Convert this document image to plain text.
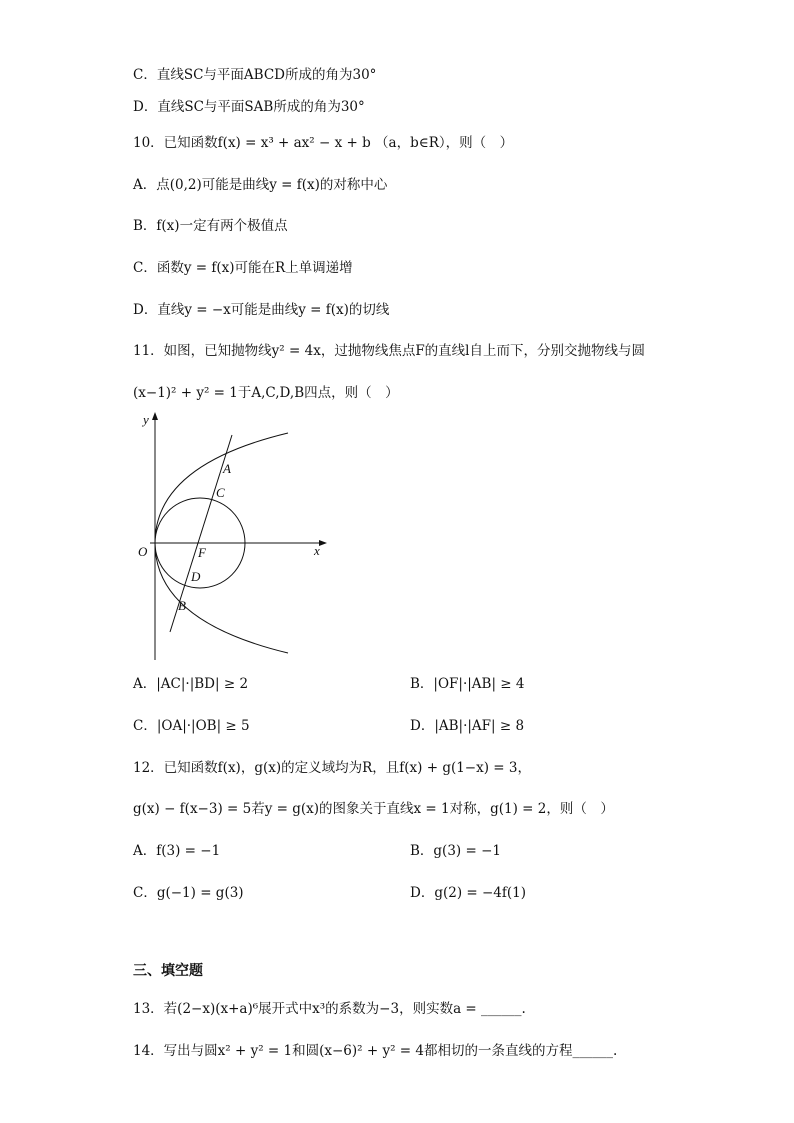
C．直线SC与平面ABCD所成的角为30°
D．直线SC与平面SAB所成的角为30°
10．已知函数f(x) = x³ + ax² − x + b （a，b∈R），则（　）
A．点(0,2)可能是曲线y = f(x)的对称中心
B．f(x)一定有两个极值点
C．函数y = f(x)可能在R上单调递增
D．直线y = −x可能是曲线y = f(x)的切线
11．如图，已知抛物线y² = 4x，过抛物线焦点F的直线l自上而下，分别交抛物线与圆
(x−1)² + y² = 1于A,C,D,B四点，则（　）
y
x
O
A
C
F
D
B
A．|AC|·|BD| ≥ 2	B．|OF|·|AB| ≥ 4
C．|OA|·|OB| ≥ 5	D．|AB|·|AF| ≥ 8
12．已知函数f(x)，g(x)的定义域均为R，且f(x) + g(1−x) = 3，
g(x) − f(x−3) = 5若y = g(x)的图象关于直线x = 1对称，g(1) = 2，则（　）
A．f(3) = −1	B．g(3) = −1
C．g(−1) = g(3)	D．g(2) = −4f(1)
三、填空题
13．若(2−x)(x+a)⁶展开式中x³的系数为−3，则实数a = ______.
14．写出与圆x² + y² = 1和圆(x−6)² + y² = 4都相切的一条直线的方程______.
